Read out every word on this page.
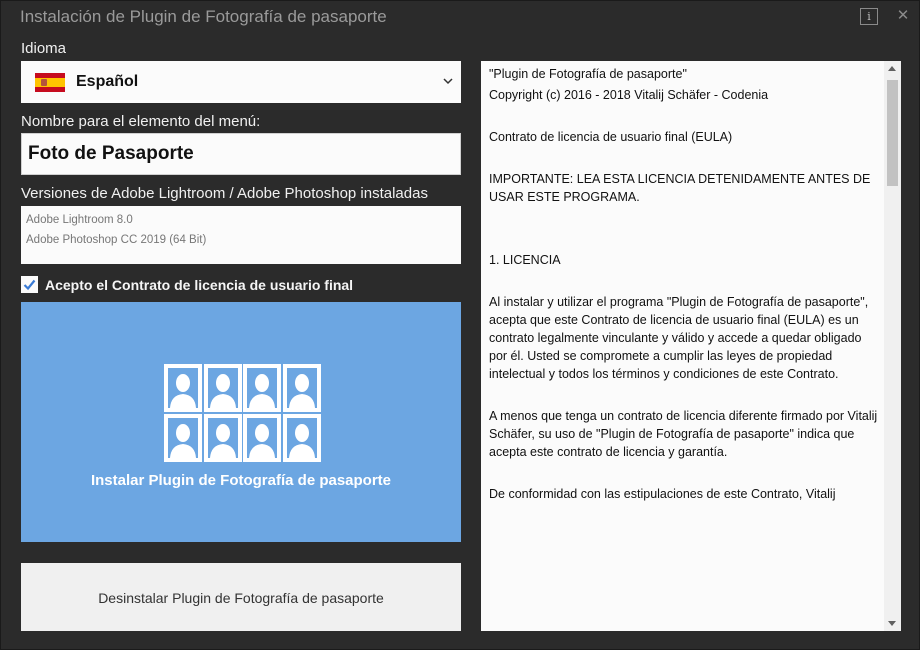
Instalación de Plugin de Fotografía de pasaporte	i	✕
Idioma
Español
Nombre para el elemento del menú:
Foto de Pasaporte
Versiones de Adobe Lightroom / Adobe Photoshop instaladas
Adobe Lightroom 8.0
Adobe Photoshop CC 2019 (64 Bit)
Acepto el Contrato de licencia de usuario final
Instalar Plugin de Fotografía de pasaporte
Desinstalar Plugin de Fotografía de pasaporte

"Plugin de Fotografía de pasaporte"

Copyright (c) 2016 - 2018 Vitalij Schäfer - Codenia

Contrato de licencia de usuario final (EULA)

IMPORTANTE: LEA ESTA LICENCIA DETENIDAMENTE ANTES DE USAR ESTE PROGRAMA.

1. LICENCIA

Al instalar y utilizar el programa "Plugin de Fotografía de pasaporte", acepta que este Contrato de licencia de usuario final (EULA) es un contrato legalmente vinculante y válido y accede a quedar obligado por él. Usted se compromete a cumplir las leyes de propiedad intelectual y todos los términos y condiciones de este Contrato.

A menos que tenga un contrato de licencia diferente firmado por Vitalij Schäfer, su uso de "Plugin de Fotografía de pasaporte" indica que acepta este contrato de licencia y garantía.

De conformidad con las estipulaciones de este Contrato, Vitalij
